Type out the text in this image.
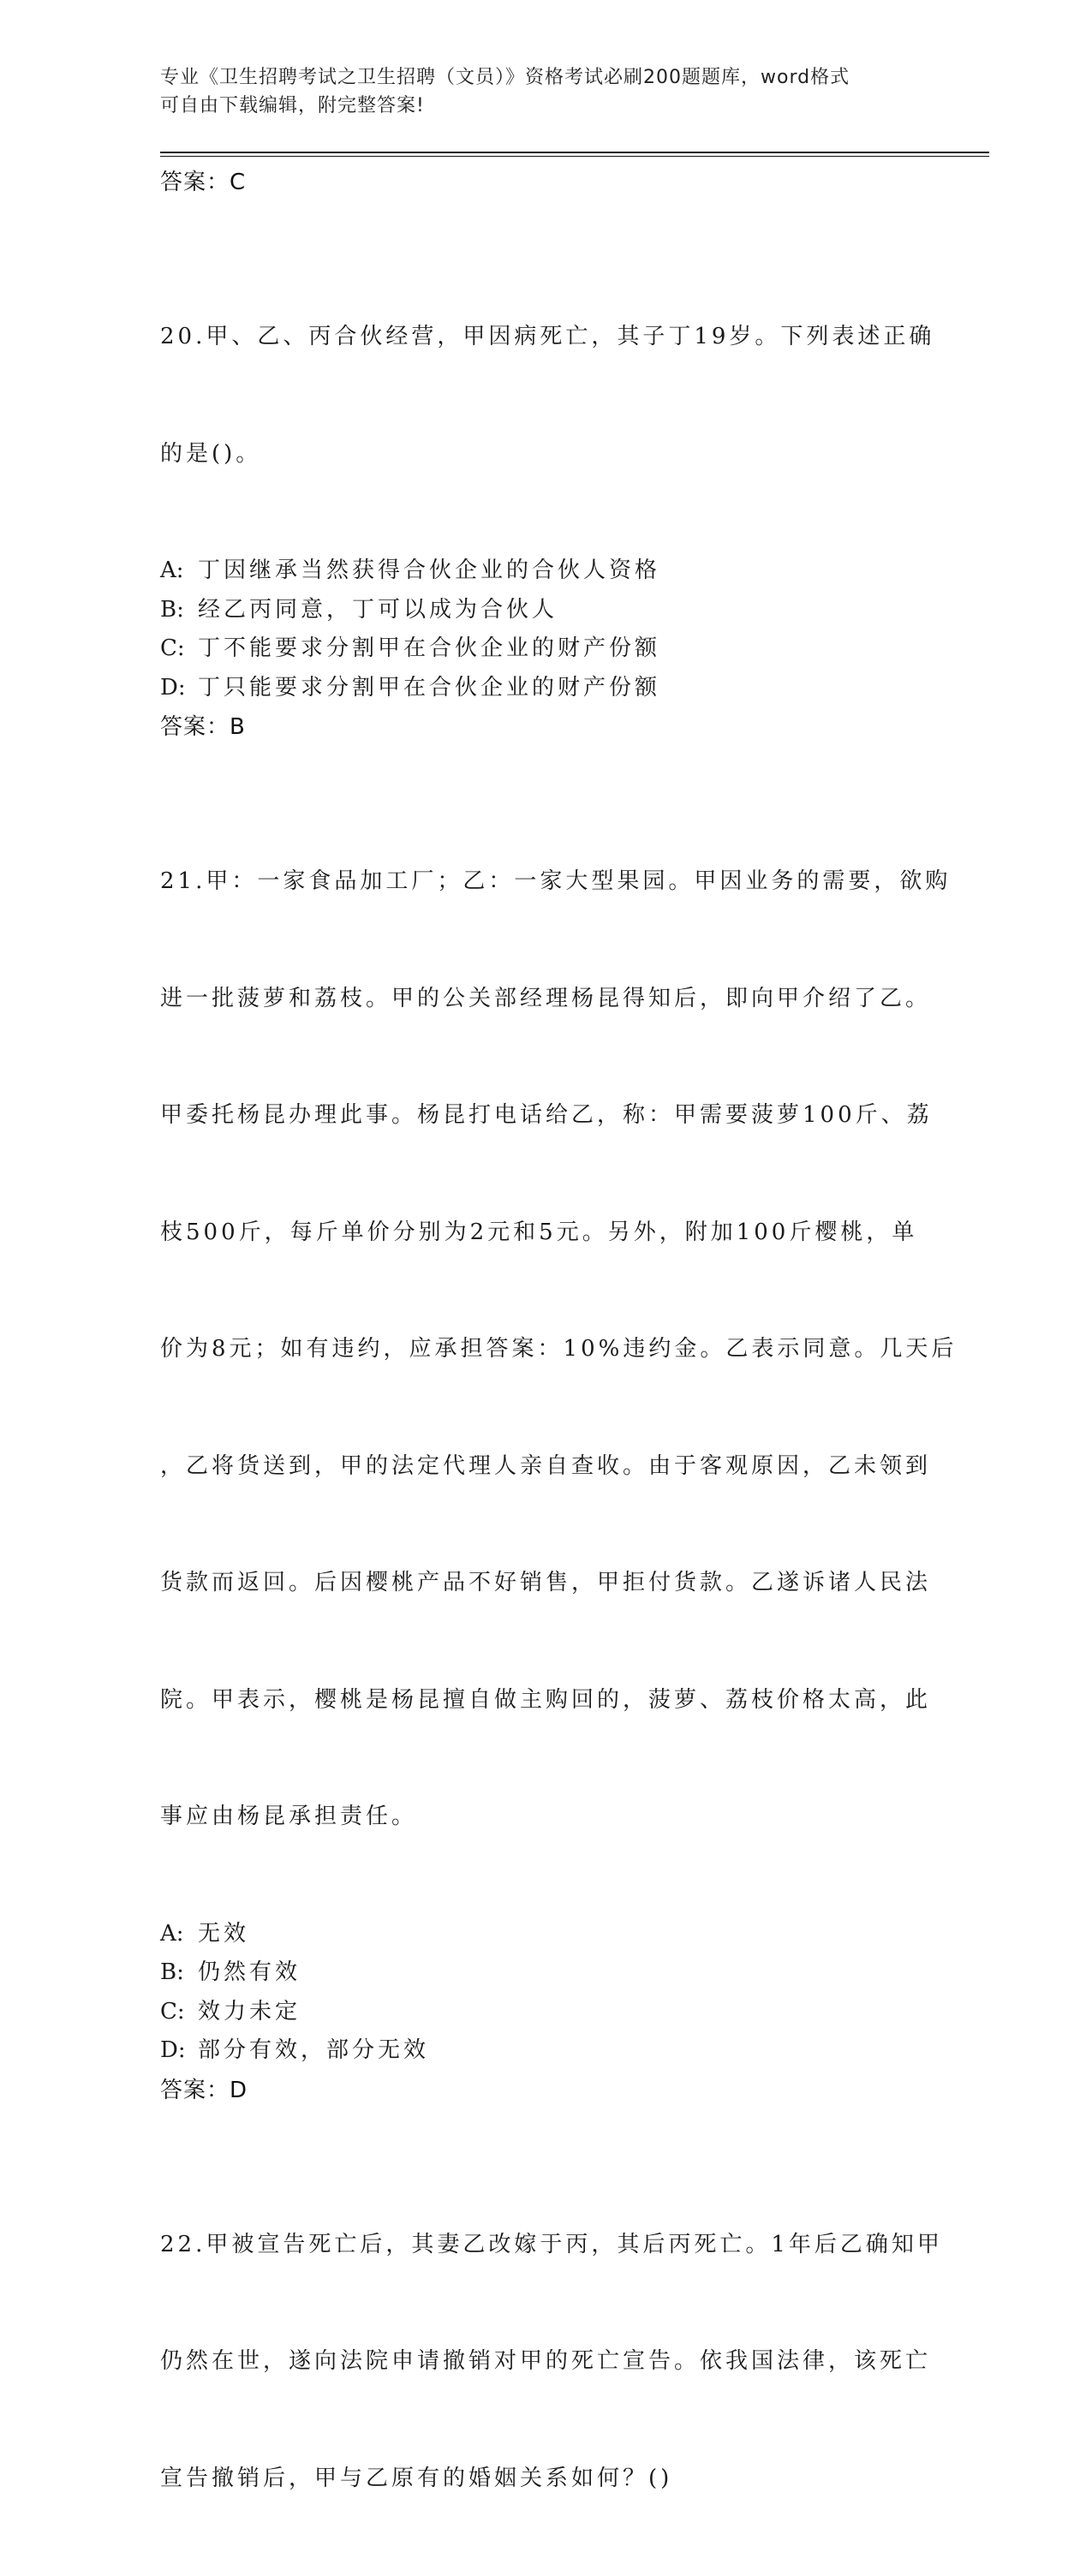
专业《卫生招聘考试之卫生招聘（文员）》资格考试必刷200题题库，word格式
可自由下载编辑，附完整答案!
答案：C

20.甲、乙、丙合伙经营，甲因病死亡，其子丁19岁。下列表述正确

的是()。

A: 丁因继承当然获得合伙企业的合伙人资格
B: 经乙丙同意，丁可以成为合伙人
C: 丁不能要求分割甲在合伙企业的财产份额
D: 丁只能要求分割甲在合伙企业的财产份额
答案：B

21.甲：一家食品加工厂；乙：一家大型果园。甲因业务的需要，欲购

进一批菠萝和荔枝。甲的公关部经理杨昆得知后，即向甲介绍了乙。

甲委托杨昆办理此事。杨昆打电话给乙，称：甲需要菠萝100斤、荔

枝500斤，每斤单价分别为2元和5元。另外，附加100斤樱桃，单

价为8元；如有违约，应承担答案：10%违约金。乙表示同意。几天后

，乙将货送到，甲的法定代理人亲自查收。由于客观原因，乙未领到

货款而返回。后因樱桃产品不好销售，甲拒付货款。乙遂诉诸人民法

院。甲表示，樱桃是杨昆擅自做主购回的，菠萝、荔枝价格太高，此

事应由杨昆承担责任。

A: 无效
B: 仍然有效
C: 效力未定
D: 部分有效，部分无效
答案：D

22.甲被宣告死亡后，其妻乙改嫁于丙，其后丙死亡。1年后乙确知甲

仍然在世，遂向法院申请撤销对甲的死亡宣告。依我国法律，该死亡

宣告撤销后，甲与乙原有的婚姻关系如何？()
